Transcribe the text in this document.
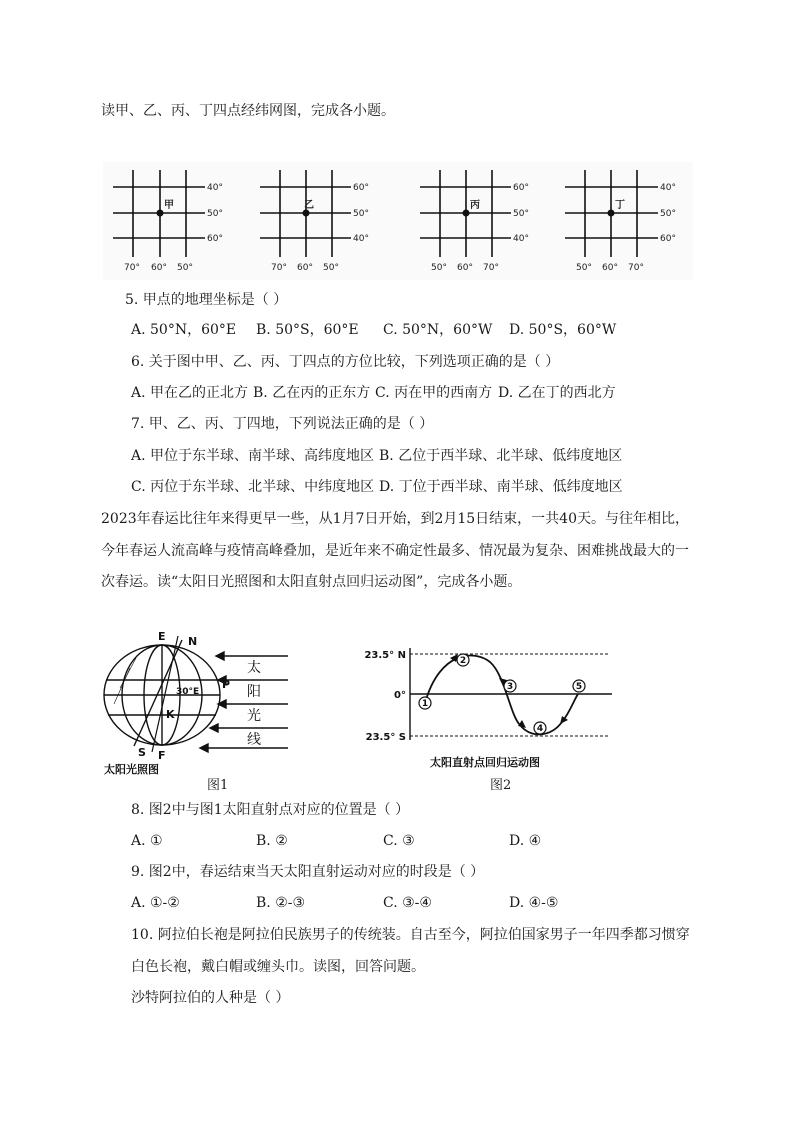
读甲、乙、丙、丁四点经纬网图，完成各小题。
40°
50°
60°
70° 60° 50°
甲
60°
50°
40°
70° 60° 50°
乙
60°
50°
40°
50° 60° 70°
丙
40°
50°
60°
50° 60° 70°
丁
5. 甲点的地理坐标是（ ）
A. 50°N，60°E B. 50°S，60°E C. 50°N，60°W D. 50°S，60°W
6. 关于图中甲、乙、丙、丁四点的方位比较，下列选项正确的是（ ）
A. 甲在乙的正北方 B. 乙在丙的正东方 C. 丙在甲的西南方 D. 乙在丁的西北方
7. 甲、乙、丙、丁四地，下列说法正确的是（ ）
A. 甲位于东半球、南半球、高纬度地区 B. 乙位于西半球、北半球、低纬度地区
C. 丙位于东半球、北半球、中纬度地区 D. 丁位于西半球、南半球、低纬度地区
2023年春运比往年来得更早一些，从1月7日开始，到2月15日结束，一共40天。与往年相比，
今年春运人流高峰与疫情高峰叠加，是近年来不确定性最多、情况最为复杂、困难挑战最大的一
次春运。读“太阳日光照图和太阳直射点回归运动图”，完成各小题。
E N
P
K
S F
30°E
太
阳
光
线
太阳光照图
图1
1
2
3
4
5
23.5° N
0°
23.5° S
太阳直射点回归运动图
图2
8. 图2中与图1太阳直射点对应的位置是（ ）
A. ①	B. ②	C. ③	D. ④
9. 图2中，春运结束当天太阳直射运动对应的时段是（ ）
A. ①-②	B. ②-③	C. ③-④	D. ④-⑤
10. 阿拉伯长袍是阿拉伯民族男子的传统装。自古至今，阿拉伯国家男子一年四季都习惯穿
白色长袍，戴白帽或缠头巾。读图，回答问题。
沙特阿拉伯的人种是（ ）
